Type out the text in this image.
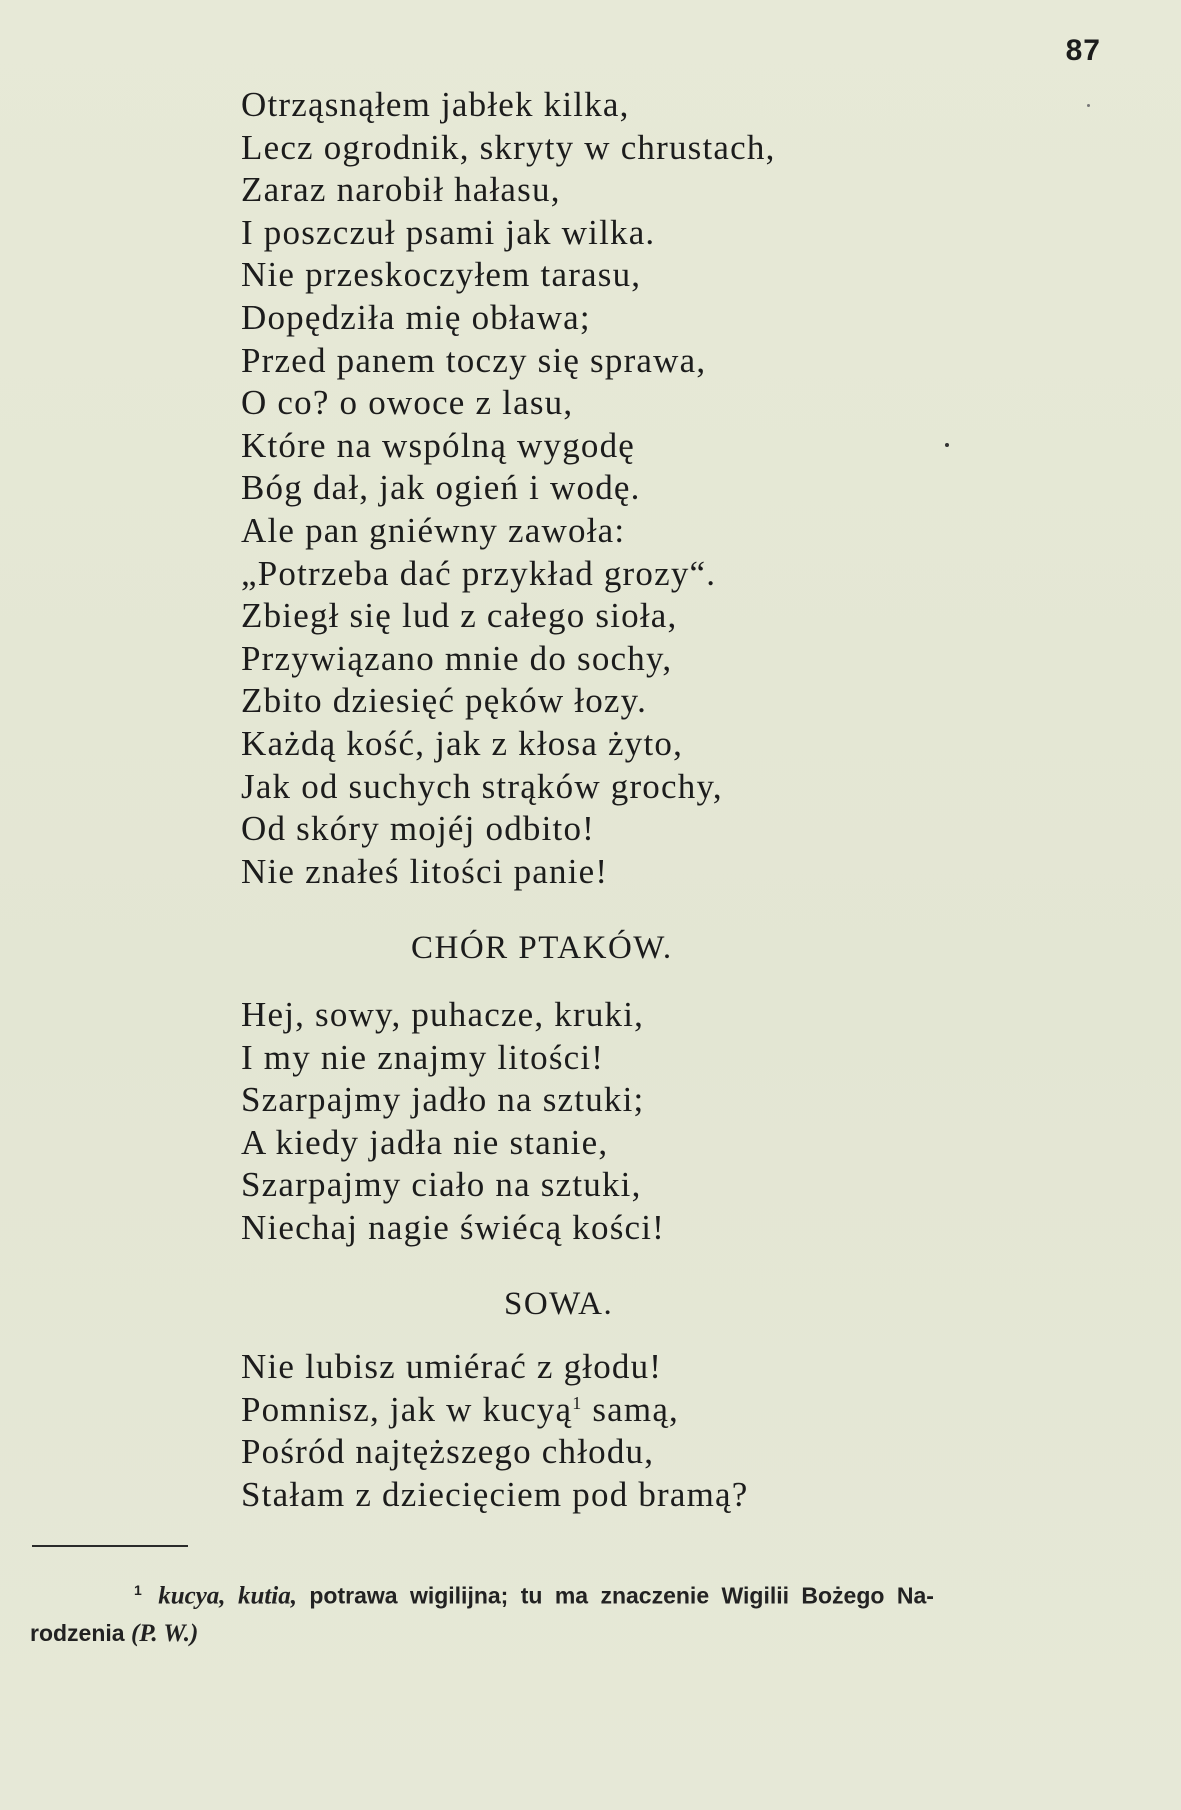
87
Otrząsnąłem jabłek kilka,
Lecz ogrodnik, skryty w chrustach,
Zaraz narobił hałasu,
I poszczuł psami jak wilka.
Nie przeskoczyłem tarasu,
Dopędziła mię obława;
Przed panem toczy się sprawa,
O co? o owoce z lasu,
Które na wspólną wygodę
Bóg dał, jak ogień i wodę.
Ale pan gniéwny zawoła:
„Potrzeba dać przykład grozy“.
Zbiegł się lud z całego sioła,
Przywiązano mnie do sochy,
Zbito dziesięć pęków łozy.
Każdą kość, jak z kłosa żyto,
Jak od suchych strąków grochy,
Od skóry mojéj odbito!
Nie znałeś litości panie!
CHÓR PTAKÓW.
Hej, sowy, puhacze, kruki,
I my nie znajmy litości!
Szarpajmy jadło na sztuki;
A kiedy jadła nie stanie,
Szarpajmy ciało na sztuki,
Niechaj nagie świécą kości!
SOWA.
Nie lubisz umiérać z głodu!
Pomnisz, jak w kucyą$^1$ samą,
Pośród najtęższego chłodu,
Stałam z dziecięciem pod bramą?
$^1$ kucya, kutia, potrawa wigilijna; tu ma znaczenie Wigilii Bożego Na-
rodzenia (P. W.)
